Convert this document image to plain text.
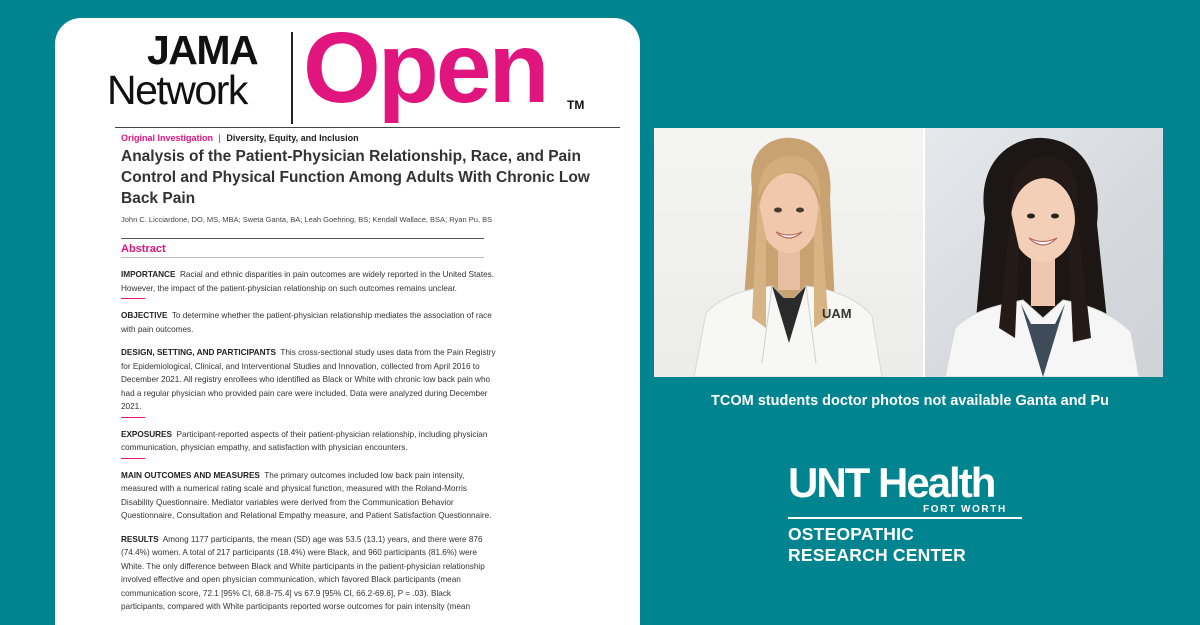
JAMA
Network Open TM
Original Investigation | Diversity, Equity, and Inclusion
Analysis of the Patient-Physician Relationship, Race, and Pain Control and Physical Function Among Adults With Chronic Low Back Pain
John C. Licciardone, DO, MS, MBA; Sweta Ganta, BA; Leah Goehring, BS; Kendall Wallace, BSA; Ryan Pu, BS
Abstract
IMPORTANCE Racial and ethnic disparities in pain outcomes are widely reported in the United States. However, the impact of the patient-physician relationship on such outcomes remains unclear.
OBJECTIVE To determine whether the patient-physician relationship mediates the association of race with pain outcomes.
DESIGN, SETTING, AND PARTICIPANTS This cross-sectional study uses data from the Pain Registry for Epidemiological, Clinical, and Interventional Studies and Innovation, collected from April 2016 to December 2021. All registry enrollees who identified as Black or White with chronic low back pain who had a regular physician who provided pain care were included. Data were analyzed during December 2021.
EXPOSURES Participant-reported aspects of their patient-physician relationship, including physician communication, physician empathy, and satisfaction with physician encounters.
MAIN OUTCOMES AND MEASURES The primary outcomes included low back pain intensity, measured with a numerical rating scale and physical function, measured with the Roland-Morris Disability Questionnaire. Mediator variables were derived from the Communication Behavior Questionnaire, Consultation and Relational Empathy measure, and Patient Satisfaction Questionnaire.
RESULTS Among 1177 participants, the mean (SD) age was 53.5 (13.1) years, and there were 876 (74.4%) women. A total of 217 participants (18.4%) were Black, and 960 participants (81.6%) were White. The only difference between Black and White participants in the patient-physician relationship involved effective and open physician communication, which favored Black participants (mean communication score, 72.1 [95% CI, 68.8-75.4] vs 67.9 [95% CI, 66.2-69.6], P = .03). Black participants, compared with White participants reported worse outcomes for pain intensity (mean
UAM
TCOM students doctor photos not available Ganta and Pu
UNT Health
FORT WORTH
OSTEOPATHIC
RESEARCH CENTER
